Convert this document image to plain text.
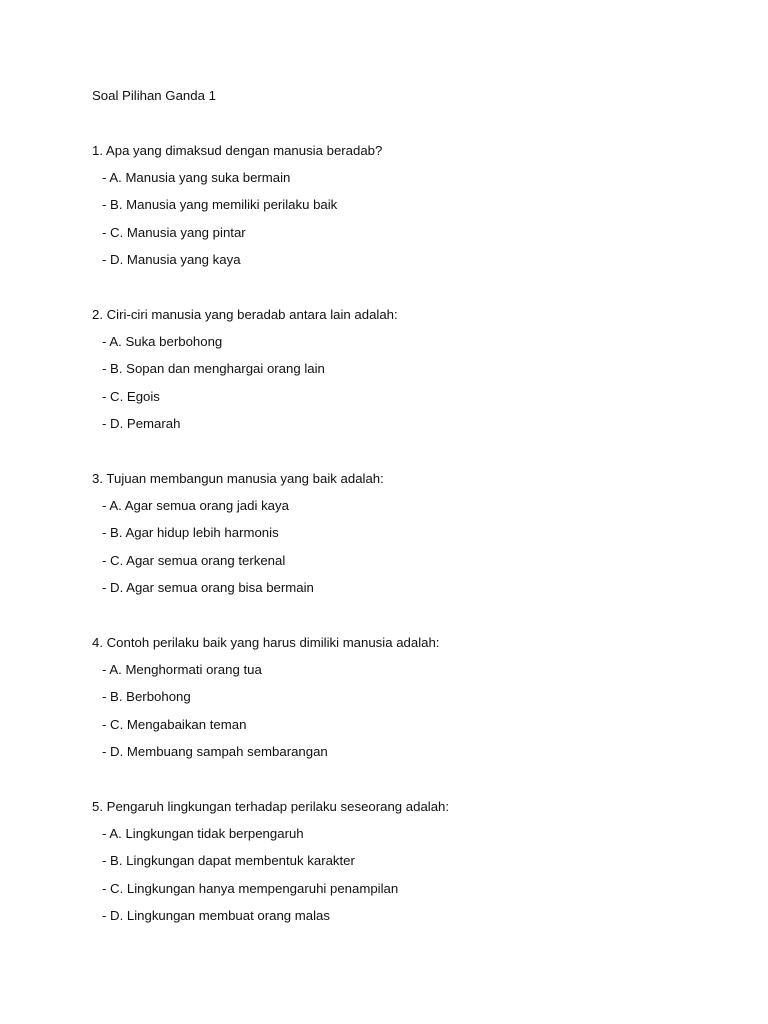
Soal Pilihan Ganda 1
1. Apa yang dimaksud dengan manusia beradab?
- A. Manusia yang suka bermain
- B. Manusia yang memiliki perilaku baik
- C. Manusia yang pintar
- D. Manusia yang kaya
2. Ciri-ciri manusia yang beradab antara lain adalah:
- A. Suka berbohong
- B. Sopan dan menghargai orang lain
- C. Egois
- D. Pemarah
3. Tujuan membangun manusia yang baik adalah:
- A. Agar semua orang jadi kaya
- B. Agar hidup lebih harmonis
- C. Agar semua orang terkenal
- D. Agar semua orang bisa bermain
4. Contoh perilaku baik yang harus dimiliki manusia adalah:
- A. Menghormati orang tua
- B. Berbohong
- C. Mengabaikan teman
- D. Membuang sampah sembarangan
5. Pengaruh lingkungan terhadap perilaku seseorang adalah:
- A. Lingkungan tidak berpengaruh
- B. Lingkungan dapat membentuk karakter
- C. Lingkungan hanya mempengaruhi penampilan
- D. Lingkungan membuat orang malas
